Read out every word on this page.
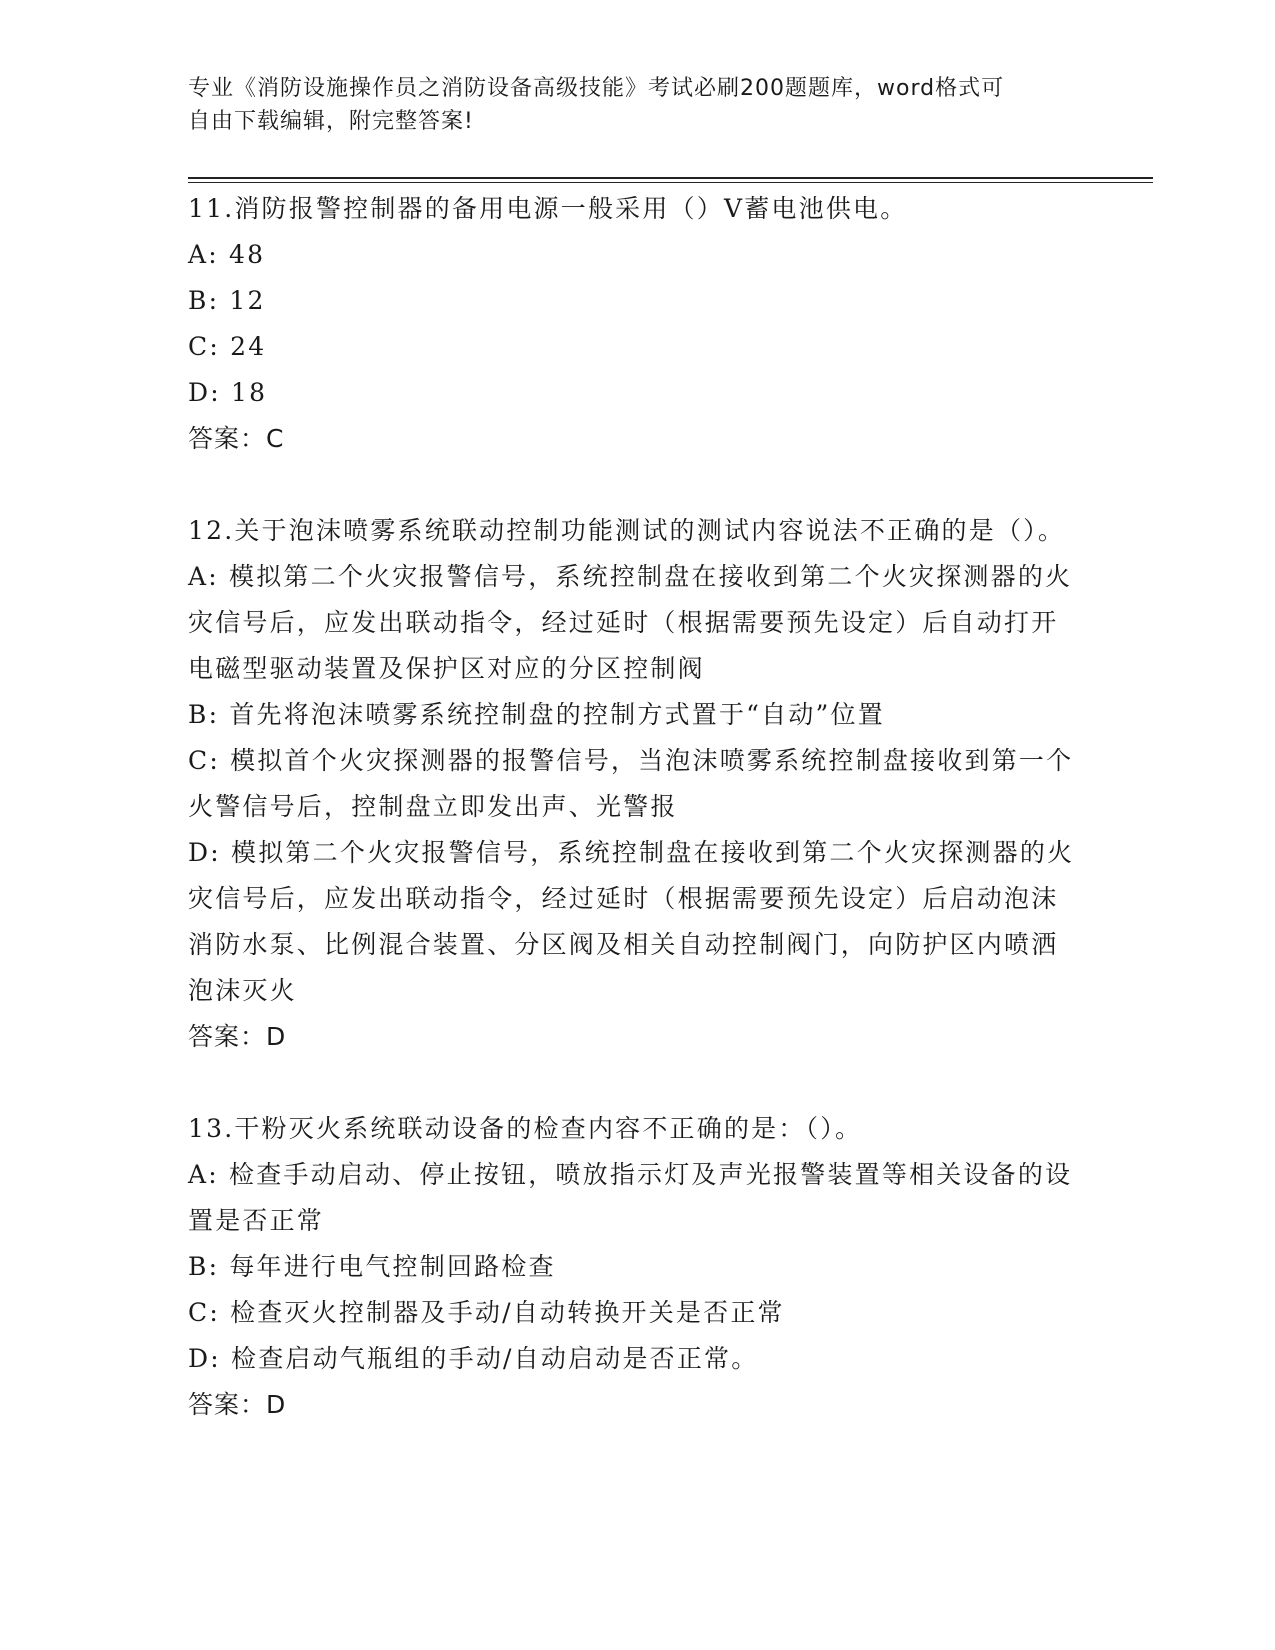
专业《消防设施操作员之消防设备高级技能》考试必刷200题题库，word格式可
自由下载编辑，附完整答案!

11.消防报警控制器的备用电源一般采用（）V蓄电池供电。

A: 48

B: 12

C: 24

D: 18

答案：C

12.关于泡沫喷雾系统联动控制功能测试的测试内容说法不正确的是（）。

A: 模拟第二个火灾报警信号，系统控制盘在接收到第二个火灾探测器的火灾信号后，应发出联动指令，经过延时（根据需要预先设定）后自动打开电磁型驱动装置及保护区对应的分区控制阀

B: 首先将泡沫喷雾系统控制盘的控制方式置于“自动”位置

C: 模拟首个火灾探测器的报警信号，当泡沫喷雾系统控制盘接收到第一个火警信号后，控制盘立即发出声、光警报

D: 模拟第二个火灾报警信号，系统控制盘在接收到第二个火灾探测器的火灾信号后，应发出联动指令，经过延时（根据需要预先设定）后启动泡沫消防水泵、比例混合装置、分区阀及相关自动控制阀门，向防护区内喷洒泡沫灭火

答案：D

13.干粉灭火系统联动设备的检查内容不正确的是：（）。

A: 检查手动启动、停止按钮，喷放指示灯及声光报警装置等相关设备的设置是否正常

B: 每年进行电气控制回路检查

C: 检查灭火控制器及手动/自动转换开关是否正常

D: 检查启动气瓶组的手动/自动启动是否正常。

答案：D
